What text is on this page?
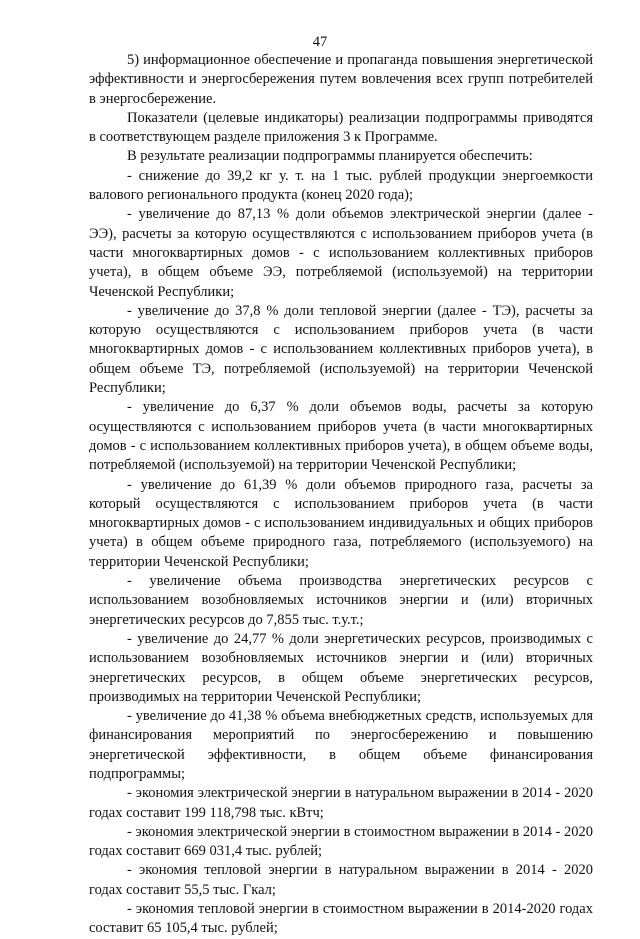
47

5) информационное обеспечение и пропаганда повышения энергетической эффективности и энергосбережения путем вовлечения всех групп потребителей в энергосбережение.

Показатели (целевые индикаторы) реализации подпрограммы приводятся в соответствующем разделе приложения 3 к Программе.

В результате реализации подпрограммы планируется обеспечить:

- снижение до 39,2 кг у. т. на 1 тыс. рублей продукции энергоемкости валового регионального продукта (конец 2020 года);

- увеличение до 87,13 % доли объемов электрической энергии (далее - ЭЭ), расчеты за которую осуществляются с использованием приборов учета (в части многоквартирных домов - с использованием коллективных приборов учета), в общем объеме ЭЭ, потребляемой (используемой) на территории Чеченской Республики;

- увеличение до 37,8 % доли тепловой энергии (далее - ТЭ), расчеты за которую осуществляются с использованием приборов учета (в части многоквартирных домов - с использованием коллективных приборов учета), в общем объеме ТЭ, потребляемой (используемой) на территории Чеченской Республики;

- увеличение до 6,37 % доли объемов воды, расчеты за которую осуществляются с использованием приборов учета (в части многоквартирных домов - с использованием коллективных приборов учета), в общем объеме воды, потребляемой (используемой) на территории Чеченской Республики;

- увеличение до 61,39 % доли объемов природного газа, расчеты за который осуществляются с использованием приборов учета (в части многоквартирных домов - с использованием индивидуальных и общих приборов учета) в общем объеме природного газа, потребляемого (используемого) на территории Чеченской Республики;

- увеличение объема производства энергетических ресурсов с использованием возобновляемых источников энергии и (или) вторичных энергетических ресурсов до 7,855 тыс. т.у.т.;

- увеличение до 24,77 % доли энергетических ресурсов, производимых с использованием возобновляемых источников энергии и (или) вторичных энергетических ресурсов, в общем объеме энергетических ресурсов, производимых на территории Чеченской Республики;

- увеличение до 41,38 % объема внебюджетных средств, используемых для финансирования мероприятий по энергосбережению и повышению энергетической эффективности, в общем объеме финансирования подпрограммы;

- экономия электрической энергии в натуральном выражении в 2014 - 2020 годах составит 199 118,798 тыс. кВтч;

- экономия электрической энергии в стоимостном выражении в 2014 - 2020 годах составит 669 031,4 тыс. рублей;

- экономия тепловой энергии в натуральном выражении в 2014 - 2020 годах составит 55,5 тыс. Гкал;

- экономия тепловой энергии в стоимостном выражении в 2014-2020 годах составит 65 105,4 тыс. рублей;
